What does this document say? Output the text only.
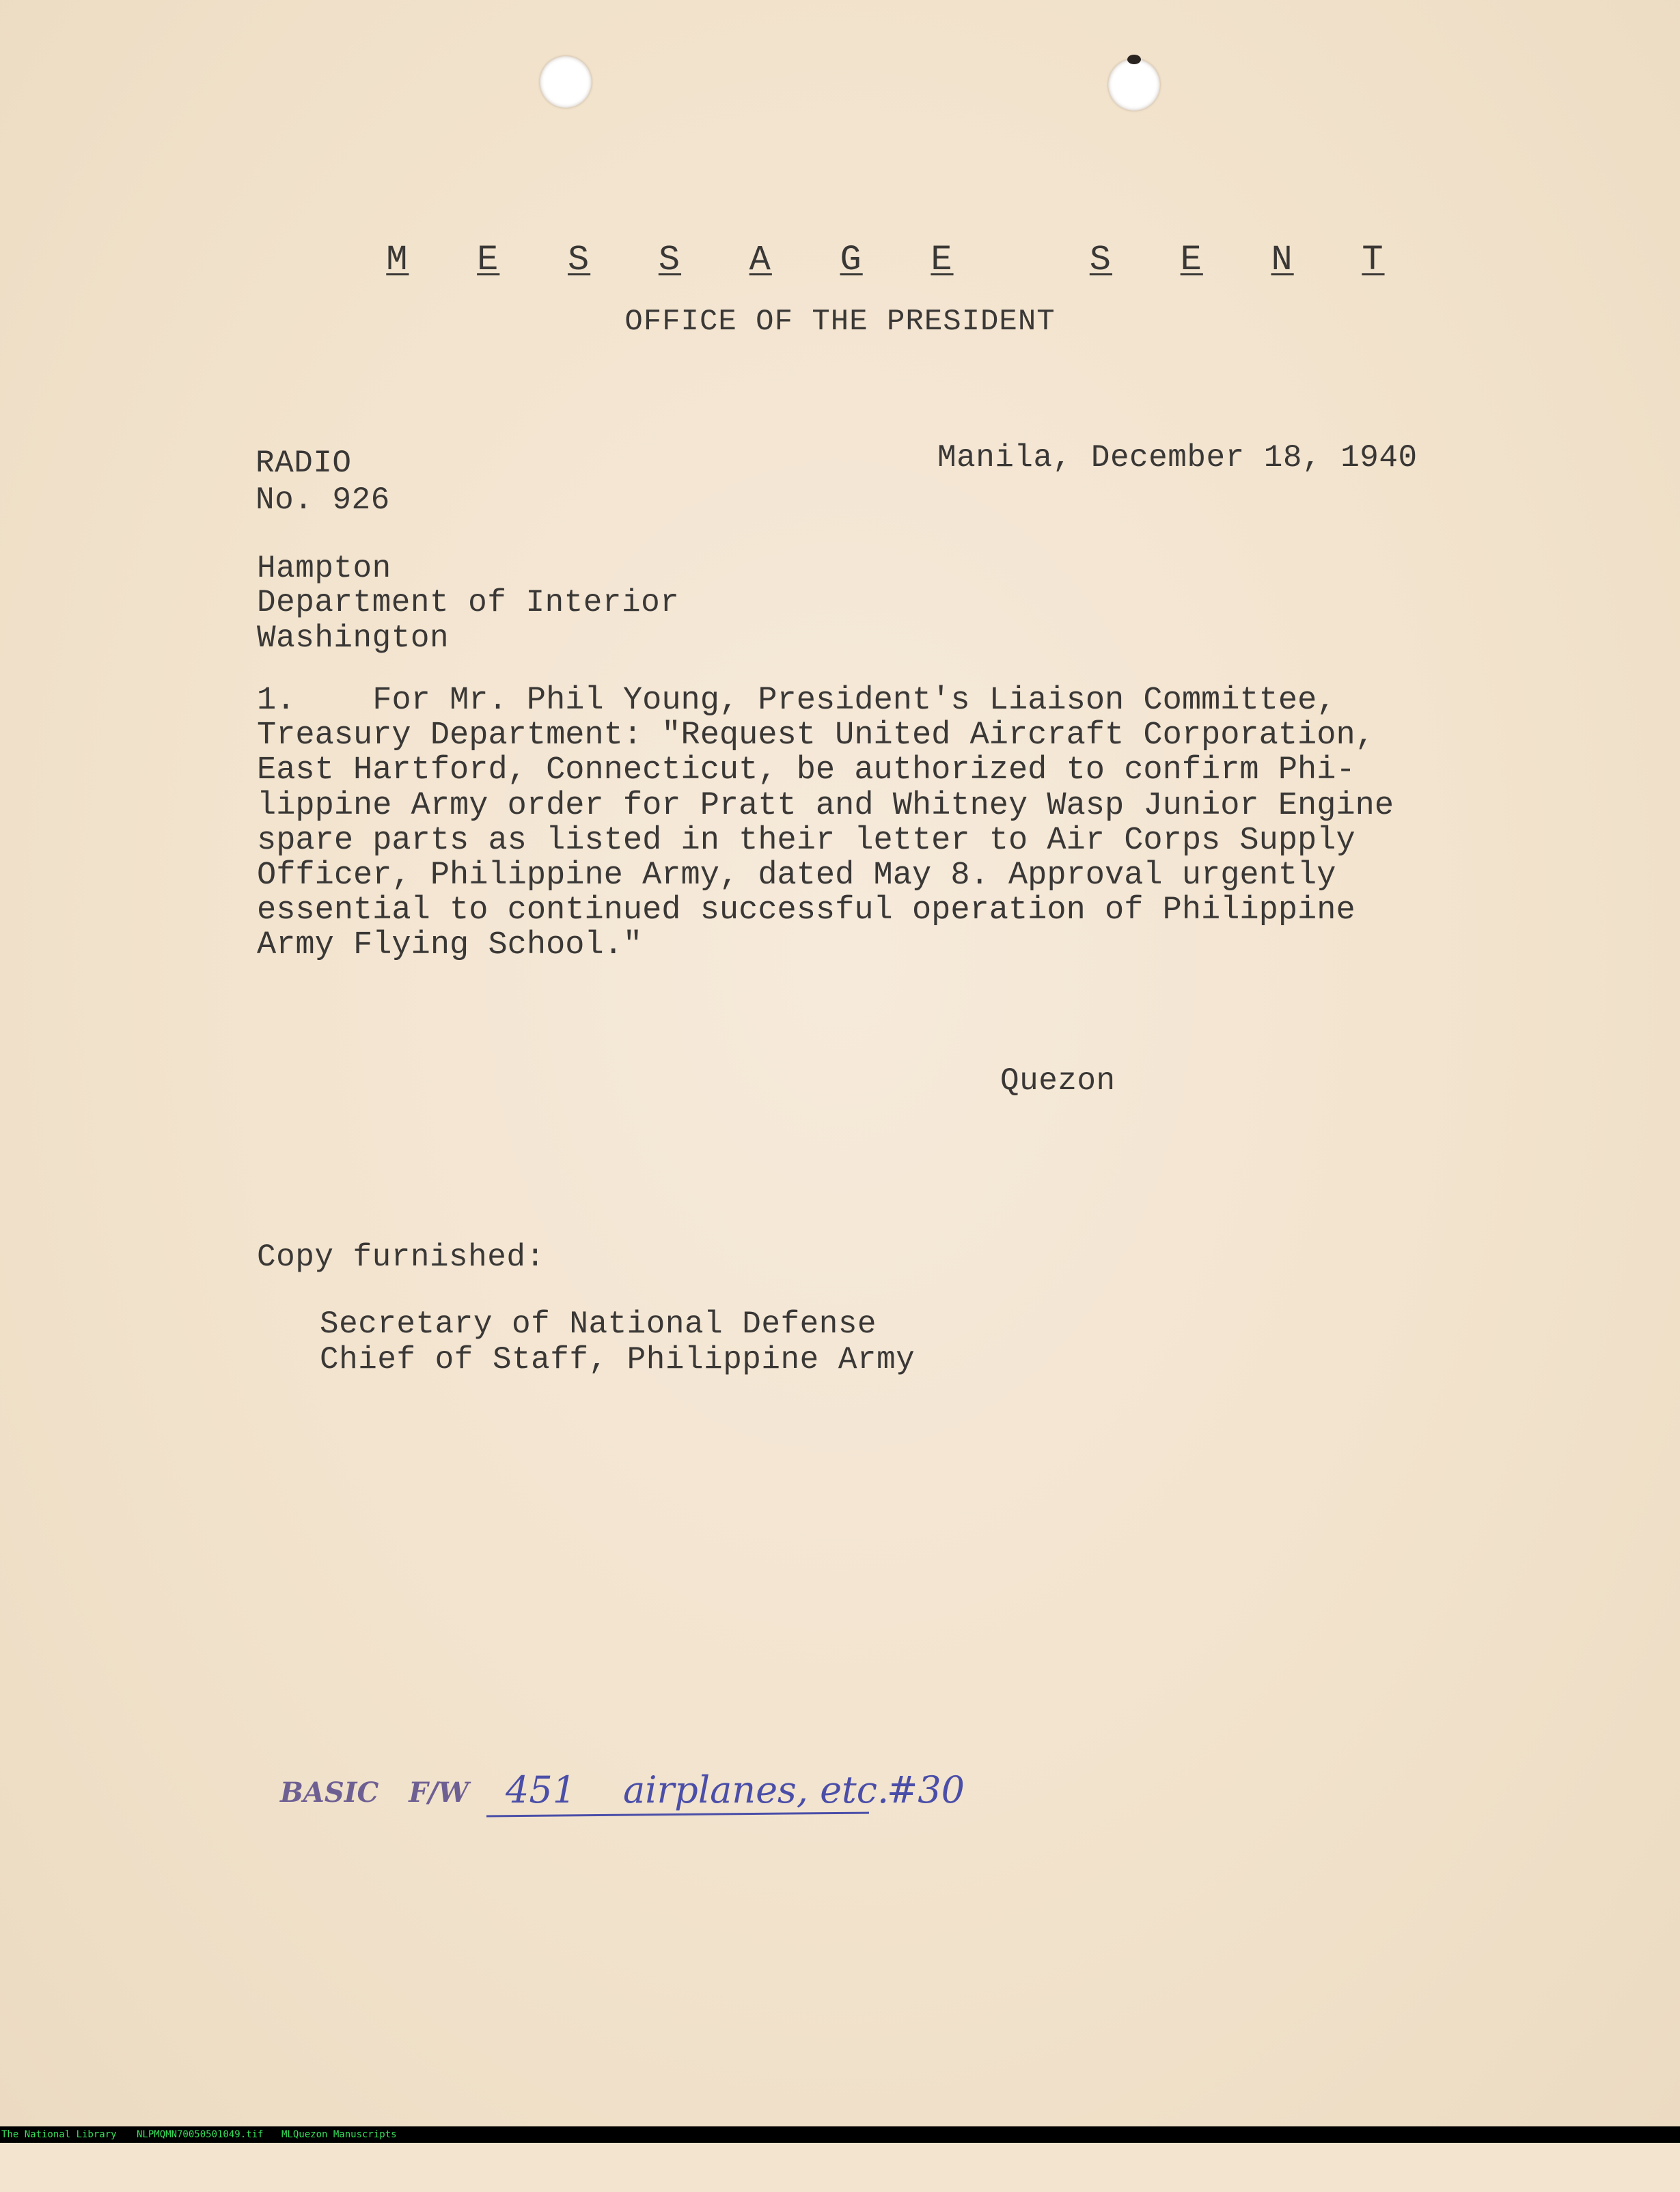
M E S S A G E	S E N T

OFFICE OF THE PRESIDENT
RADIO
No. 926
Manila, December 18, 1940
Hampton
Department of Interior
Washington
1. For Mr. Phil Young, President's Liaison Committee,
Treasury Department: "Request United Aircraft Corporation,
East Hartford, Connecticut, be authorized to confirm Phi-
lippine Army order for Pratt and Whitney Wasp Junior Engine
spare parts as listed in their letter to Air Corps Supply
Officer, Philippine Army, dated May 8. Approval urgently
essential to continued successful operation of Philippine
Army Flying School."
Quezon
Copy furnished:
Secretary of National Defense
Chief of Staff, Philippine Army
BASIC F/W 451 airplanes, etc.
#30

The National Library

NLPMQMN70050501049.tif

MLQuezon Manuscripts
